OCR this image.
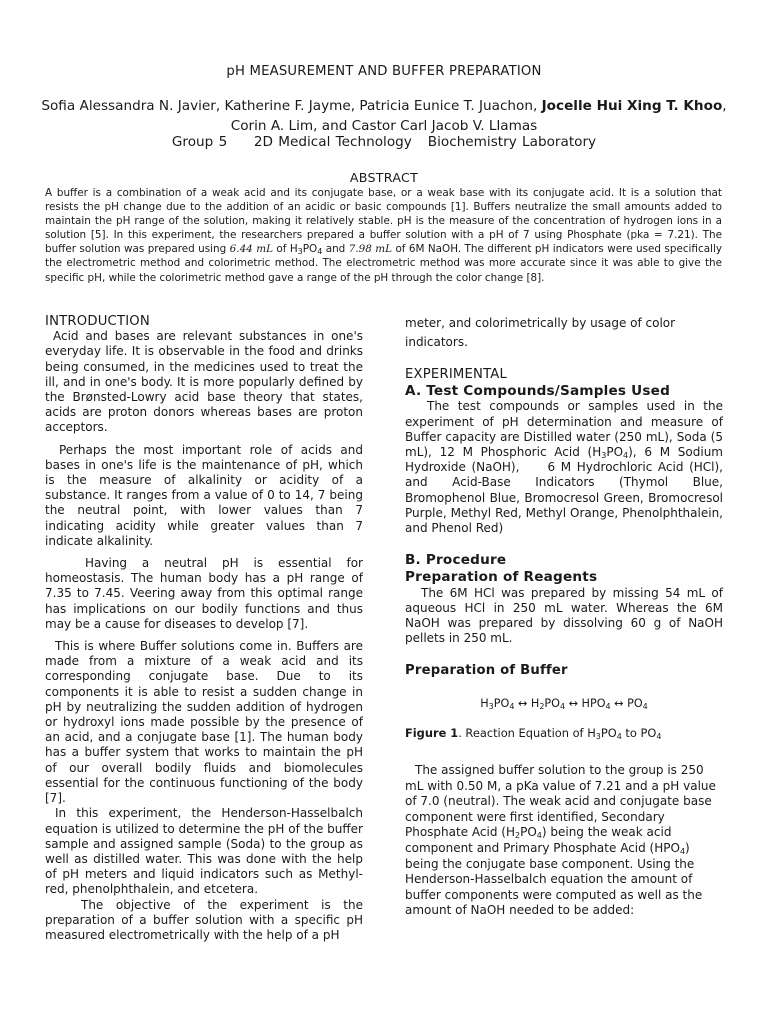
pH MEASUREMENT AND BUFFER PREPARATION
Sofia Alessandra N. Javier, Katherine F. Jayme, Patricia Eunice T. Juachon, Jocelle Hui Xing T. Khoo, Corin A. Lim, and Castor Carl Jacob V. Llamas
Group 5 2D Medical Technology Biochemistry Laboratory
ABSTRACT

A buffer is a combination of a weak acid and its conjugate base, or a weak base with its conjugate acid. It is a solution that resists the pH change due to the addition of an acidic or basic compounds [1]. Buffers neutralize the small amounts added to maintain the pH range of the solution, making it relatively stable. pH is the measure of the concentration of hydrogen ions in a solution [5]. In this experiment, the researchers prepared a buffer solution with a pH of 7 using Phosphate (pka = 7.21). The buffer solution was prepared using 6.44 mL of $H_3PO_4$ and 7.98 mL of 6M NaOH. The different pH indicators were used specifically the electrometric method and colorimetric method. The electrometric method was more accurate since it was able to give the specific pH, while the colorimetric method gave a range of the pH through the color change [8].

INTRODUCTION

Acid and bases are relevant substances in one's everyday life. It is observable in the food and drinks being consumed, in the medicines used to treat the ill, and in one's body. It is more popularly defined by the Brønsted-Lowry acid base theory that states, acids are proton donors whereas bases are proton acceptors.

Perhaps the most important role of acids and bases in one's life is the maintenance of pH, which is the measure of alkalinity or acidity of a substance. It ranges from a value of 0 to 14, 7 being the neutral point, with lower values than 7 indicating acidity while greater values than 7 indicate alkalinity.

Having a neutral pH is essential for homeostasis. The human body has a pH range of 7.35 to 7.45. Veering away from this optimal range has implications on our bodily functions and thus may be a cause for diseases to develop [7].

This is where Buffer solutions come in. Buffers are made from a mixture of a weak acid and its corresponding conjugate base. Due to its components it is able to resist a sudden change in pH by neutralizing the sudden addition of hydrogen or hydroxyl ions made possible by the presence of an acid, and a conjugate base [1]. The human body has a buffer system that works to maintain the pH of our overall bodily fluids and biomolecules essential for the continuous functioning of the body [7].

In this experiment, the Henderson-Hasselbalch equation is utilized to determine the pH of the buffer sample and assigned sample (Soda) to the group as well as distilled water. This was done with the help of pH meters and liquid indicators such as Methyl-red, phenolphthalein, and etcetera.

The objective of the experiment is the preparation of a buffer solution with a specific pH measured electrometrically with the help of a pH

meter, and colorimetrically by usage of color indicators.

EXPERIMENTAL
A. Test Compounds/Samples Used

The test compounds or samples used in the experiment of pH determination and measure of Buffer capacity are Distilled water (250 mL), Soda (5 mL), 12 M Phosphoric Acid $(H_3PO_4)$, 6 M Sodium Hydroxide (NaOH),     6 M Hydrochloric Acid (HCl), and Acid-Base Indicators (Thymol Blue, Bromophenol Blue, Bromocresol Green, Bromocresol Purple, Methyl Red, Methyl Orange, Phenolphthalein, and Phenol Red)

B. Procedure
Preparation of Reagents

The 6M HCl was prepared by missing 54 mL of aqueous HCl in 250 mL water. Whereas the 6M NaOH was prepared by dissolving 60 g of NaOH pellets in 250 mL.

Preparation of Buffer
$H_3PO_4$ ↔ $H_2PO_4$ ↔ $HPO_4$ ↔ $PO_4$
Figure 1. Reaction Equation of $H_3PO_4$ to $PO_4$

The assigned buffer solution to the group is 250 mL with 0.50 M, a pKa value of 7.21 and a pH value of 7.0 (neutral). The weak acid and conjugate base component were first identified, Secondary Phosphate Acid $(H_2PO_4)$ being the weak acid component and Primary Phosphate Acid $(HPO_4)$ being the conjugate base component. Using the Henderson-Hasselbalch equation the amount of buffer components were computed as well as the amount of NaOH needed to be added:
